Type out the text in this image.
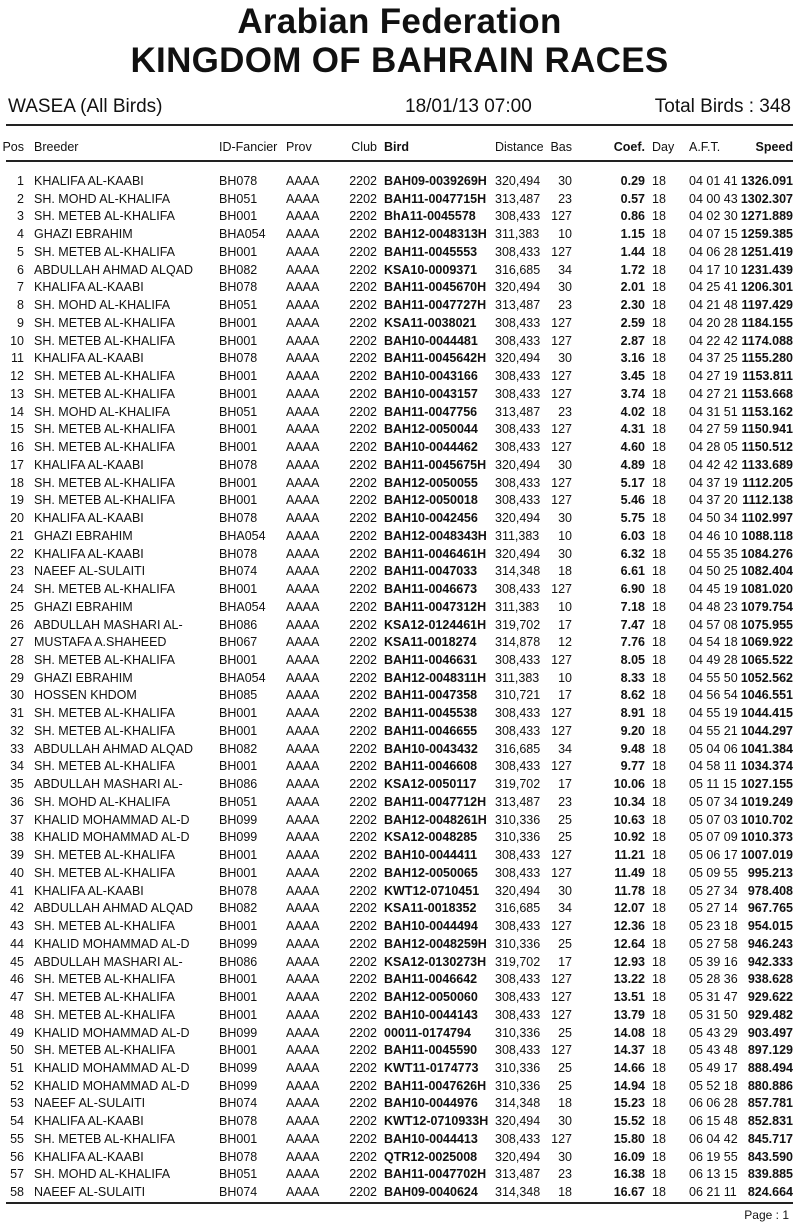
Arabian Federation
KINGDOM OF BAHRAIN RACES
WASEA (All Birds)	18/01/13 07:00	Total Birds : 348
Pos Breeder	ID-Fancier Prov	Club Bird	Distance Bas	Coef. Day A.F.T.	Speed
1 KHALIFA AL-KAABI	BH078 AAAA 2202 BAH09-0039269H 320,494 30	0.29 18 04 01 41 1326.091
2 SH. MOHD AL-KHALIFA	BH051 AAAA 2202 BAH11-0047715H 313,487 23	0.57 18 04 00 43 1302.307
3 SH. METEB AL-KHALIFA	BH001 AAAA 2202 BhA11-0045578 308,433 127	0.86 18 04 02 30 1271.889
4 GHAZI EBRAHIM	BHA054 AAAA 2202 BAH12-0048313H 311,383 10	1.15 18 04 07 15 1259.385
5 SH. METEB AL-KHALIFA	BH001 AAAA 2202 BAH11-0045553 308,433 127	1.44 18 04 06 28 1251.419
6 ABDULLAH AHMAD ALQAD BH082 AAAA 2202 KSA10-0009371 316,685 34	1.72 18 04 17 10 1231.439
7 KHALIFA AL-KAABI	BH078 AAAA 2202 BAH11-0045670H 320,494 30	2.01 18 04 25 41 1206.301
8 SH. MOHD AL-KHALIFA	BH051 AAAA 2202 BAH11-0047727H 313,487 23	2.30 18 04 21 48 1197.429
9 SH. METEB AL-KHALIFA	BH001 AAAA 2202 KSA11-0038021 308,433 127	2.59 18 04 20 28 1184.155
10 SH. METEB AL-KHALIFA	BH001 AAAA 2202 BAH10-0044481 308,433 127	2.87 18 04 22 42 1174.088
11 KHALIFA AL-KAABI	BH078 AAAA 2202 BAH11-0045642H 320,494 30	3.16 18 04 37 25 1155.280
12 SH. METEB AL-KHALIFA	BH001 AAAA 2202 BAH10-0043166 308,433 127	3.45 18 04 27 19 1153.811
13 SH. METEB AL-KHALIFA	BH001 AAAA 2202 BAH10-0043157 308,433 127	3.74 18 04 27 21 1153.668
14 SH. MOHD AL-KHALIFA	BH051 AAAA 2202 BAH11-0047756 313,487 23	4.02 18 04 31 51 1153.162
15 SH. METEB AL-KHALIFA	BH001 AAAA 2202 BAH12-0050044 308,433 127	4.31 18 04 27 59 1150.941
16 SH. METEB AL-KHALIFA	BH001 AAAA 2202 BAH10-0044462 308,433 127	4.60 18 04 28 05 1150.512
17 KHALIFA AL-KAABI	BH078 AAAA 2202 BAH11-0045675H 320,494 30	4.89 18 04 42 42 1133.689
18 SH. METEB AL-KHALIFA	BH001 AAAA 2202 BAH12-0050055 308,433 127	5.17 18 04 37 19 1112.205
19 SH. METEB AL-KHALIFA	BH001 AAAA 2202 BAH12-0050018 308,433 127	5.46 18 04 37 20 1112.138
20 KHALIFA AL-KAABI	BH078 AAAA 2202 BAH10-0042456 320,494 30	5.75 18 04 50 34 1102.997
21 GHAZI EBRAHIM	BHA054 AAAA 2202 BAH12-0048343H 311,383 10	6.03 18 04 46 10 1088.118
22 KHALIFA AL-KAABI	BH078 AAAA 2202 BAH11-0046461H 320,494 30	6.32 18 04 55 35 1084.276
23 NAEEF AL-SULAITI	BH074 AAAA 2202 BAH11-0047033 314,348 18	6.61 18 04 50 25 1082.404
24 SH. METEB AL-KHALIFA	BH001 AAAA 2202 BAH11-0046673 308,433 127	6.90 18 04 45 19 1081.020
25 GHAZI EBRAHIM	BHA054 AAAA 2202 BAH11-0047312H 311,383 10	7.18 18 04 48 23 1079.754
26 ABDULLAH MASHARI AL-	BH086 AAAA 2202 KSA12-0124461H 319,702 17	7.47 18 04 57 08 1075.955
27 MUSTAFA A.SHAHEED	BH067 AAAA 2202 KSA11-0018274 314,878 12	7.76 18 04 54 18 1069.922
28 SH. METEB AL-KHALIFA	BH001 AAAA 2202 BAH11-0046631 308,433 127	8.05 18 04 49 28 1065.522
29 GHAZI EBRAHIM	BHA054 AAAA 2202 BAH12-0048311H 311,383 10	8.33 18 04 55 50 1052.562
30 HOSSEN KHDOM	BH085 AAAA 2202 BAH11-0047358 310,721 17	8.62 18 04 56 54 1046.551
31 SH. METEB AL-KHALIFA	BH001 AAAA 2202 BAH11-0045538 308,433 127	8.91 18 04 55 19 1044.415
32 SH. METEB AL-KHALIFA	BH001 AAAA 2202 BAH11-0046655 308,433 127	9.20 18 04 55 21 1044.297
33 ABDULLAH AHMAD ALQAD BH082 AAAA 2202 BAH10-0043432 316,685 34	9.48 18 05 04 06 1041.384
34 SH. METEB AL-KHALIFA	BH001 AAAA 2202 BAH11-0046608 308,433 127	9.77 18 04 58 11 1034.374
35 ABDULLAH MASHARI AL-	BH086 AAAA 2202 KSA12-0050117 319,702 17	10.06 18 05 11 15 1027.155
36 SH. MOHD AL-KHALIFA	BH051 AAAA 2202 BAH11-0047712H 313,487 23	10.34 18 05 07 34 1019.249
37 KHALID MOHAMMAD AL-D BH099 AAAA 2202 BAH12-0048261H 310,336 25	10.63 18 05 07 03 1010.702
38 KHALID MOHAMMAD AL-D BH099 AAAA 2202 KSA12-0048285 310,336 25	10.92 18 05 07 09 1010.373
39 SH. METEB AL-KHALIFA	BH001 AAAA 2202 BAH10-0044411 308,433 127	11.21 18 05 06 17 1007.019
40 SH. METEB AL-KHALIFA	BH001 AAAA 2202 BAH12-0050065 308,433 127	11.49 18 05 09 55 995.213
41 KHALIFA AL-KAABI	BH078 AAAA 2202 KWT12-0710451 320,494 30	11.78 18 05 27 34 978.408
42 ABDULLAH AHMAD ALQAD BH082 AAAA 2202 KSA11-0018352 316,685 34	12.07 18 05 27 14 967.765
43 SH. METEB AL-KHALIFA	BH001 AAAA 2202 BAH10-0044494 308,433 127	12.36 18 05 23 18 954.015
44 KHALID MOHAMMAD AL-D BH099 AAAA 2202 BAH12-0048259H 310,336 25	12.64 18 05 27 58 946.243
45 ABDULLAH MASHARI AL-	BH086 AAAA 2202 KSA12-0130273H 319,702 17	12.93 18 05 39 16 942.333
46 SH. METEB AL-KHALIFA	BH001 AAAA 2202 BAH11-0046642 308,433 127	13.22 18 05 28 36 938.628
47 SH. METEB AL-KHALIFA	BH001 AAAA 2202 BAH12-0050060 308,433 127	13.51 18 05 31 47 929.622
48 SH. METEB AL-KHALIFA	BH001 AAAA 2202 BAH10-0044143 308,433 127	13.79 18 05 31 50 929.482
49 KHALID MOHAMMAD AL-D BH099 AAAA 2202 00011-0174794 310,336 25	14.08 18 05 43 29 903.497
50 SH. METEB AL-KHALIFA	BH001 AAAA 2202 BAH11-0045590 308,433 127	14.37 18 05 43 48 897.129
51 KHALID MOHAMMAD AL-D BH099 AAAA 2202 KWT11-0174773 310,336 25	14.66 18 05 49 17 888.494
52 KHALID MOHAMMAD AL-D BH099 AAAA 2202 BAH11-0047626H 310,336 25	14.94 18 05 52 18 880.886
53 NAEEF AL-SULAITI	BH074 AAAA 2202 BAH10-0044976 314,348 18	15.23 18 06 06 28 857.781
54 KHALIFA AL-KAABI	BH078 AAAA 2202 KWT12-0710933H 320,494 30	15.52 18 06 15 48 852.831
55 SH. METEB AL-KHALIFA	BH001 AAAA 2202 BAH10-0044413 308,433 127	15.80 18 06 04 42 845.717
56 KHALIFA AL-KAABI	BH078 AAAA 2202 QTR12-0025008 320,494 30	16.09 18 06 19 55 843.590
57 SH. MOHD AL-KHALIFA	BH051 AAAA 2202 BAH11-0047702H 313,487 23	16.38 18 06 13 15 839.885
58 NAEEF AL-SULAITI	BH074 AAAA 2202 BAH09-0040624 314,348 18	16.67 18 06 21 11 824.664
Page : 1
